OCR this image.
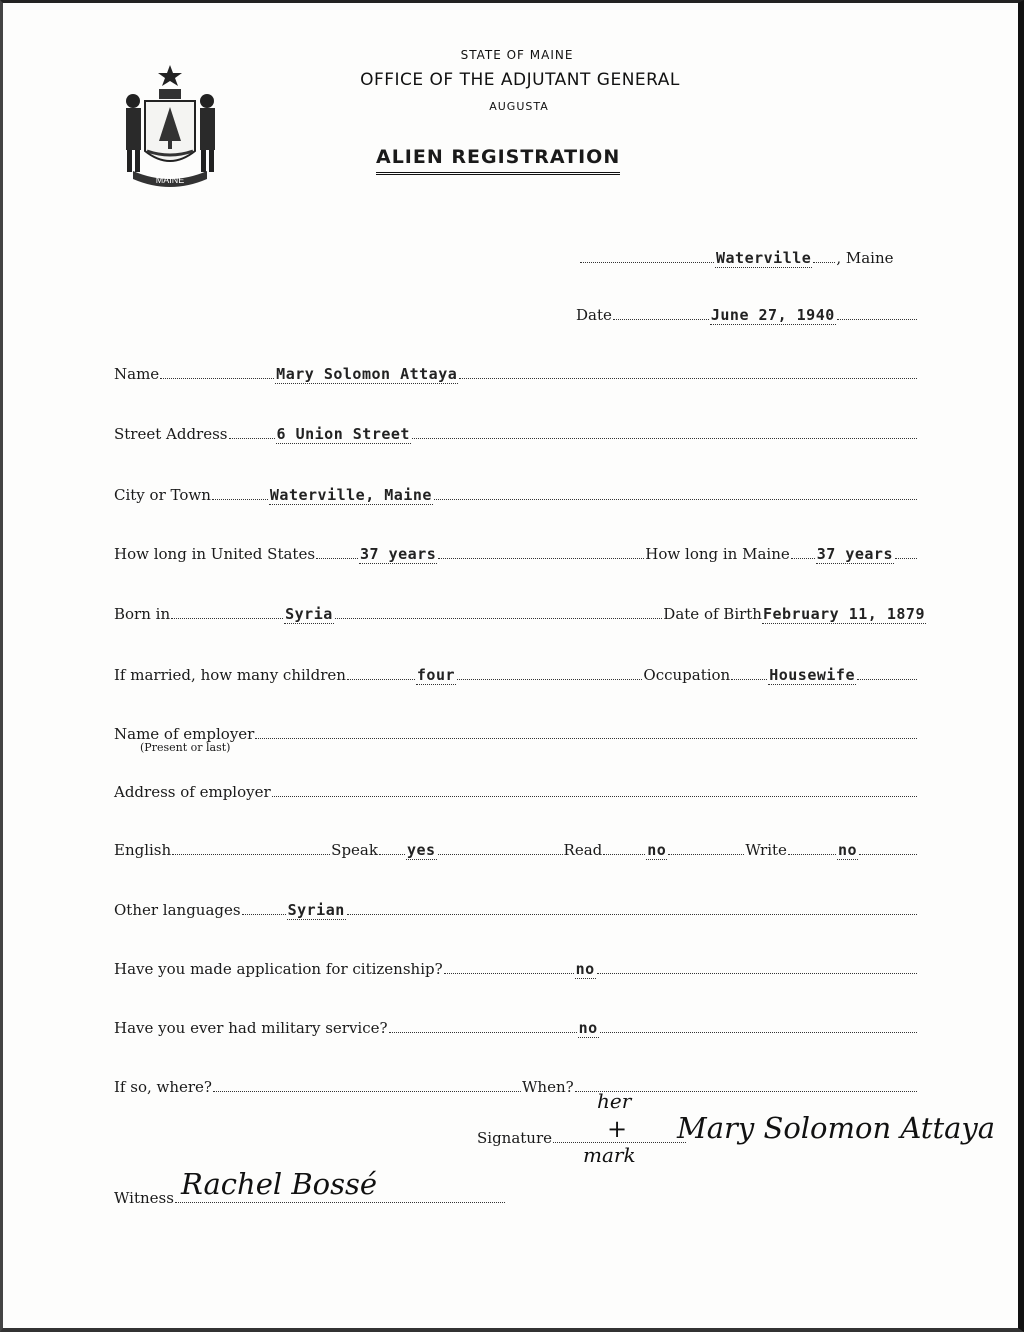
MAINE
STATE OF MAINE
OFFICE OF THE ADJUTANT GENERAL
AUGUSTA
ALIEN REGISTRATION
Waterville , Maine
Date	June 27, 1940
Name	Mary Solomon Attaya
Street Address	6 Union Street
City or Town	Waterville, Maine
How long in United States	37 years	How long in Maine 37 years
Born in	Syria	Date of Birth February 11, 1879
If married, how many children	four	Occupation	Housewife
Name of employer
(Present or last)
Address of employer
English	Speak yes	Read	no	Write	no
Other languages	Syrian
Have you made application for citizenship?	no
Have you ever had military service?	no
If so, where?	When?
Signature
her
+
mark
Mary Solomon Attaya
Witness Rachel Bossé
